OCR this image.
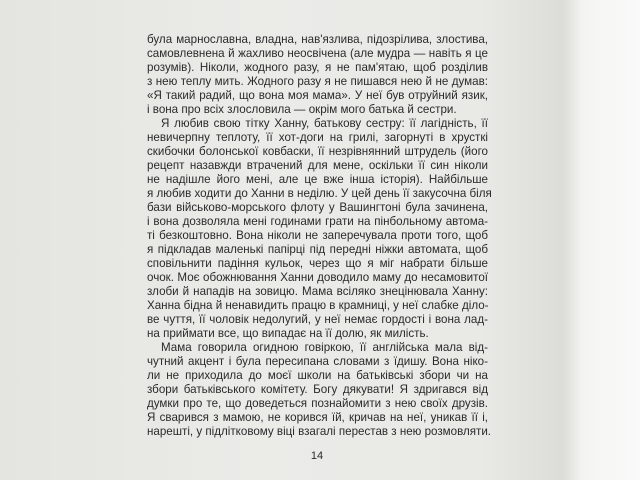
була марнославна, владна, нав'язлива, підозрілива, злостива,
самовлевнена й жахливо неосвічена (але мудра — навіть я це
розумів). Ніколи, жодного разу, я не пам'ятаю, щоб розділив
з нею теплу мить. Жодного разу я не пишався нею й не думав:
«Я такий радий, що вона моя мама». У неї був отруйний язик,
і вона про всіх злословила — окрім мого батька й сестри.
Я любив свою тітку Ханну, батькову сестру: її лагідність, її
невичерпну теплоту, її хот-доги на грилі, загорнуті в хрусткі
скибочки болонської ковбаски, її незрівнянний штрудель (його
рецепт назавжди втрачений для мене, оскільки її син ніколи
не надішле його мені, але це вже інша історія). Найбільше
я любив ходити до Ханни в неділю. У цей день її закусочна біля
бази військово-морського флоту у Вашингтоні була зачинена,
і вона дозволяла мені годинами грати на пінбольному автома-
ті безкоштовно. Вона ніколи не заперечувала проти того, щоб
я підкладав маленькі папірці під передні ніжки автомата, щоб
сповільнити падіння кульок, через що я міг набрати більше
очок. Моє обожнювання Ханни доводило маму до несамовитої
злоби й нападів на зовицю. Мама всіляко знецінювала Ханну:
Ханна бідна й ненавидить працю в крамниці, у неї слабке діло-
ве чуття, її чоловік недолугий, у неї немає гордості і вона лад-
на приймати все, що випадає на її долю, як милість.
Мама говорила огидною говіркою, її англійська мала від-
чутний акцент і була пересипана словами з їдишу. Вона ніко-
ли не приходила до моєї школи на батьківські збори чи на
збори батьківського комітету. Богу дякувати! Я здригався від
думки про те, що доведеться познайомити з нею своїх друзів.
Я сварився з мамою, не корився їй, кричав на неї, уникав її і,
нарешті, у підлітковому віці взагалі перестав з нею розмовляти.
14
